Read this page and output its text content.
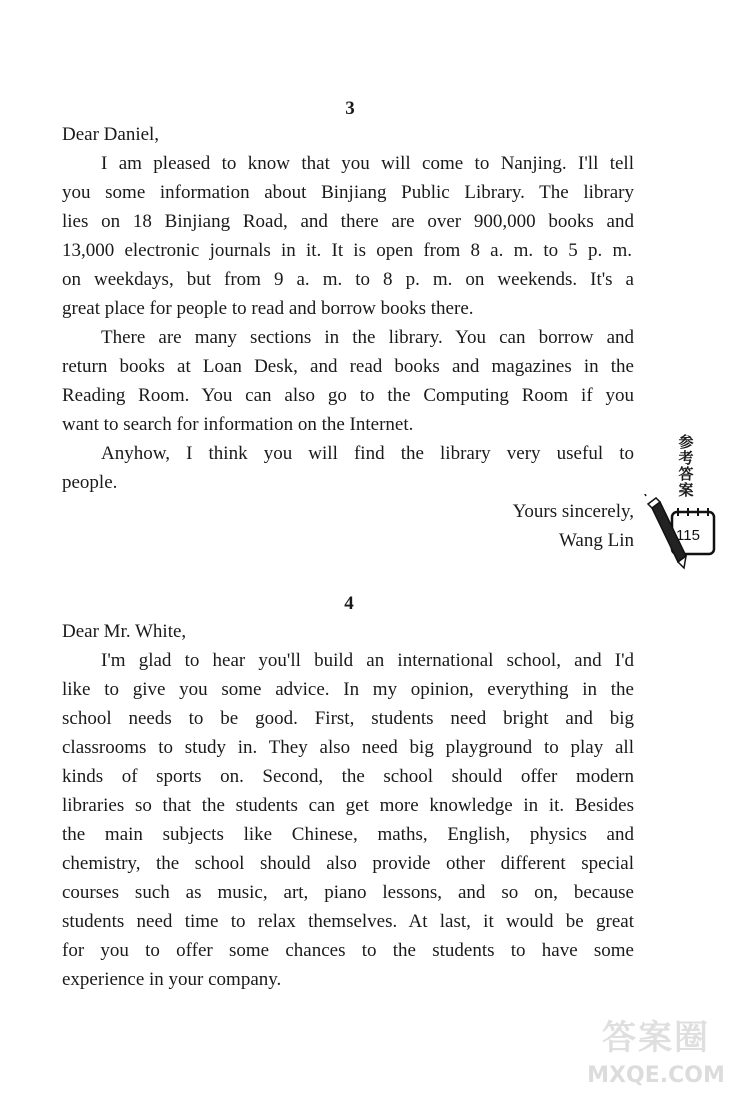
3
Dear Daniel,
I am pleased to know that you will come to Nanjing. I'll tell
you some information about Binjiang Public Library. The library
lies on 18 Binjiang Road, and there are over 900,000 books and
13,000 electronic journals in it. It is open from 8 a. m. to 5 p. m.
on weekdays, but from 9 a. m. to 8 p. m. on weekends. It's a
great place for people to read and borrow books there.
There are many sections in the library. You can borrow and
return books at Loan Desk, and read books and magazines in the
Reading Room. You can also go to the Computing Room if you
want to search for information on the Internet.
Anyhow, I think you will find the library very useful to
people.
Yours sincerely,
Wang Lin
4
Dear Mr. White,
I'm glad to hear you'll build an international school, and I'd
like to give you some advice. In my opinion, everything in the
school needs to be good. First, students need bright and big
classrooms to study in. They also need big playground to play all
kinds of sports on. Second, the school should offer modern
libraries so that the students can get more knowledge in it. Besides
the main subjects like Chinese, maths, English, physics and
chemistry, the school should also provide other different special
courses such as music, art, piano lessons, and so on, because
students need time to relax themselves. At last, it would be great
for you to offer some chances to the students to have some
experience in your company.
参
考
答
案
115
答案圈
MXQE.COM
